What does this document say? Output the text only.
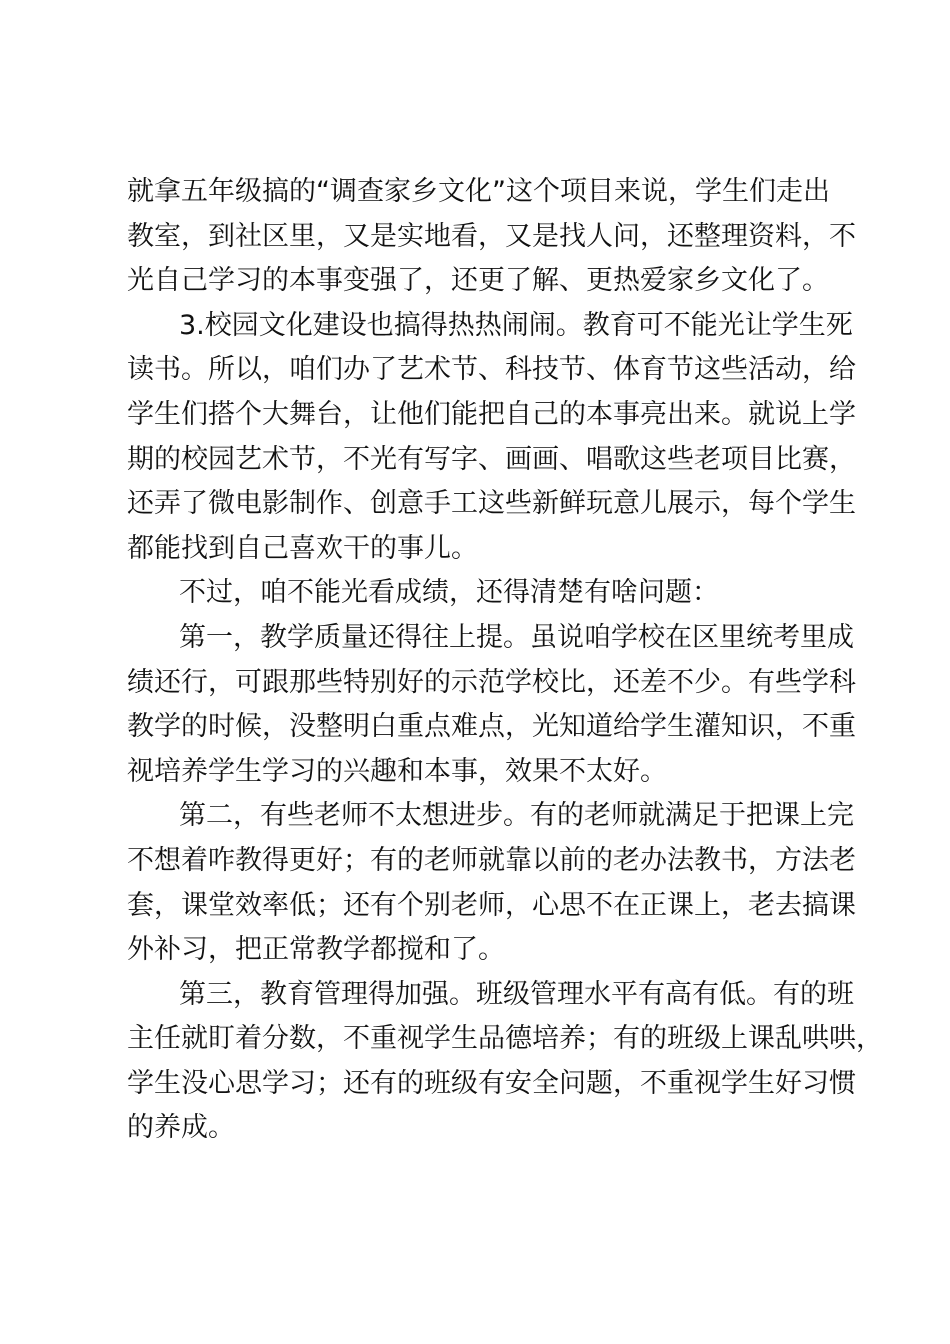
就拿五年级搞的“调查家乡文化”这个项目来说，学生们走出
教室，到社区里，又是实地看，又是找人问，还整理资料，不
光自己学习的本事变强了，还更了解、更热爱家乡文化了。
3.校园文化建设也搞得热热闹闹。教育可不能光让学生死
读书。所以，咱们办了艺术节、科技节、体育节这些活动，给
学生们搭个大舞台，让他们能把自己的本事亮出来。就说上学
期的校园艺术节，不光有写字、画画、唱歌这些老项目比赛，
还弄了微电影制作、创意手工这些新鲜玩意儿展示，每个学生
都能找到自己喜欢干的事儿。
不过，咱不能光看成绩，还得清楚有啥问题：
第一，教学质量还得往上提。虽说咱学校在区里统考里成
绩还行，可跟那些特别好的示范学校比，还差不少。有些学科
教学的时候，没整明白重点难点，光知道给学生灌知识，不重
视培养学生学习的兴趣和本事，效果不太好。
第二，有些老师不太想进步。有的老师就满足于把课上完
不想着咋教得更好；有的老师就靠以前的老办法教书，方法老
套，课堂效率低；还有个别老师，心思不在正课上，老去搞课
外补习，把正常教学都搅和了。
第三，教育管理得加强。班级管理水平有高有低。有的班
主任就盯着分数，不重视学生品德培养；有的班级上课乱哄哄，
学生没心思学习；还有的班级有安全问题，不重视学生好习惯
的养成。
